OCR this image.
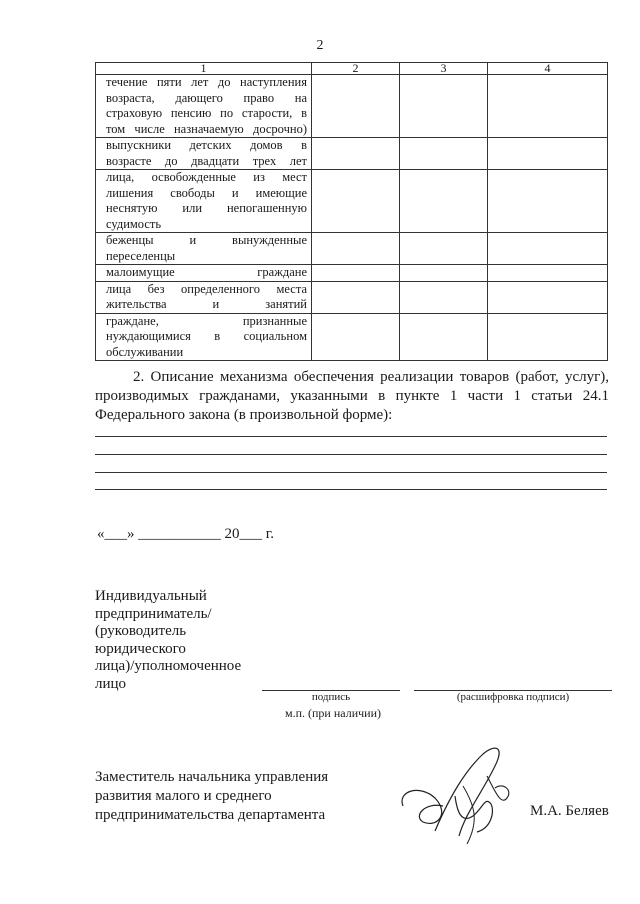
2
1	2	3	4

течение пяти лет до наступления
возраста, дающего право на
страховую пенсию по старости, в
том числе назначаемую досрочно)			

выпускники детских домов в
возрасте до двадцати трех лет			

лица, освобожденные из мест
лишения свободы и имеющие
неснятую или непогашенную
судимость			

беженцы и вынужденные
переселенцы			

малоимущие граждане			

лица без определенного места
жительства и занятий			

граждане, признанные
нуждающимися в социальном
обслуживании			

2. Описание механизма обеспечения реализации товаров (работ, услуг), производимых гражданами, указанными в пункте 1 части 1 статьи 24.1 Федерального закона (в произвольной форме):
«___» ___________ 20___ г.
Индивидуальный
предприниматель/
(руководитель
юридического
лица)/уполномоченное
лицо
подпись	(расшифровка подписи)
м.п. (при наличии)
Заместитель начальника управления
развития малого и среднего
предпринимательства департамента	М.А. Беляев
